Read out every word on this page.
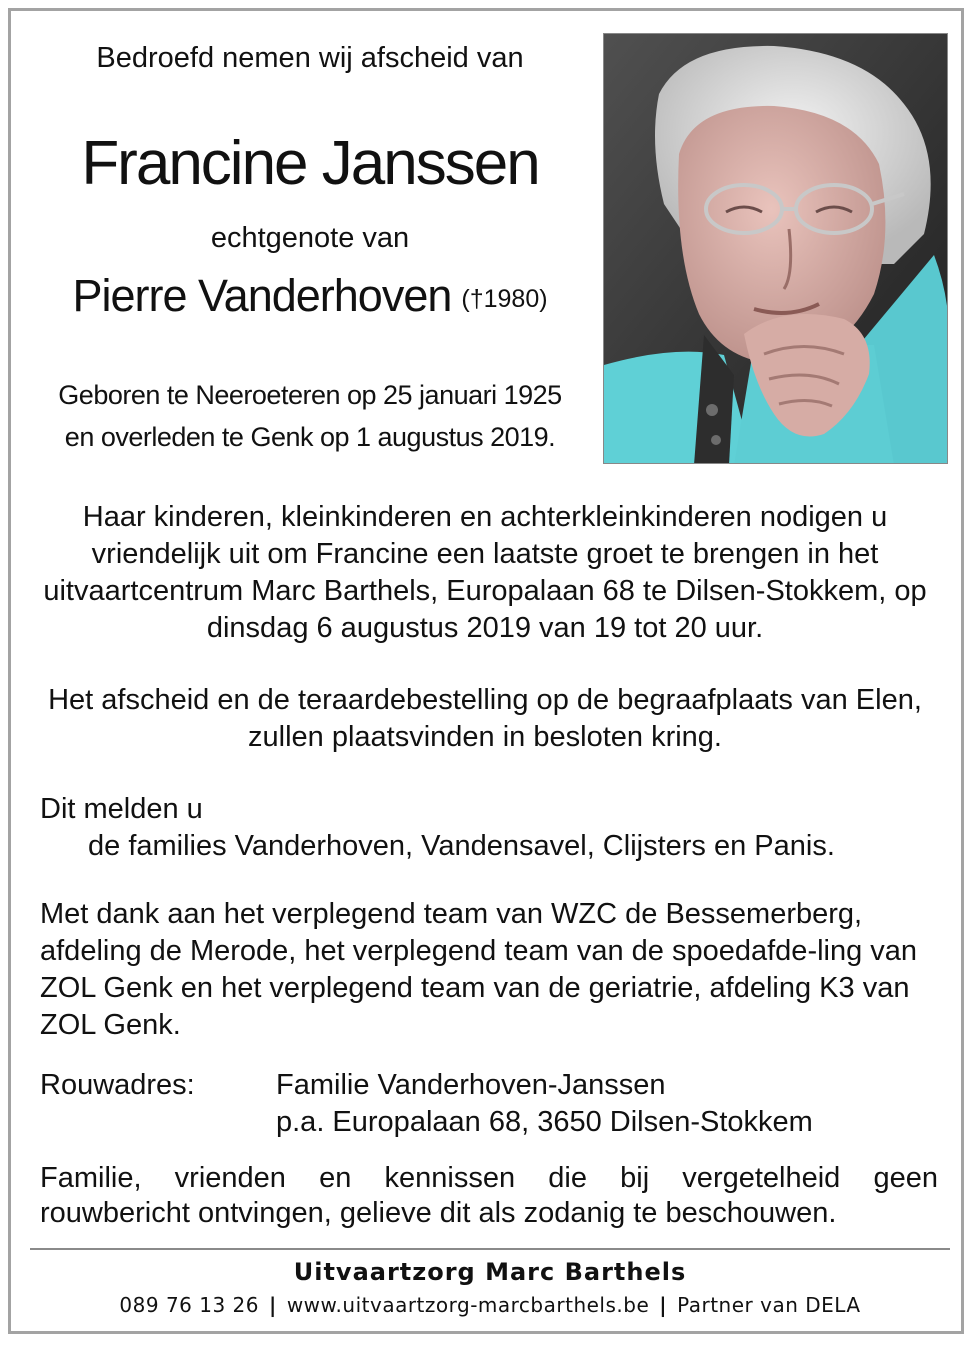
Bedroefd nemen wij afscheid van

Francine Janssen

echtgenote van

Pierre Vanderhoven (†1980)

Geboren te Neeroeteren op 25 januari 1925

en overleden te Genk op 1 augustus 2019.

Haar kinderen, kleinkinderen en achterkleinkinderen nodigen u vriendelijk uit om Francine een laatste groet te brengen in het uitvaartcentrum Marc Barthels, Europalaan 68 te Dilsen-Stokkem, op dinsdag 6 augustus 2019 van 19 tot 20 uur.

Het afscheid en de teraardebestelling op de begraafplaats van Elen, zullen plaatsvinden in besloten kring.

Dit melden u

de families Vanderhoven, Vandensavel, Clijsters en Panis.

Met dank aan het verplegend team van WZC de Bessemerberg, afdeling de Merode, het verplegend team van de spoedafde-ling van ZOL Genk en het verplegend team van de geriatrie, afdeling K3 van ZOL Genk.

Rouwadres:	Familie Vanderhoven-Janssen

p.a. Europalaan 68, 3650 Dilsen-Stokkem

Familie, vrienden en kennissen die bij vergetelheid geen

rouwbericht ontvingen, gelieve dit als zodanig te beschouwen.

Uitvaartzorg Marc Barthels

089 76 13 26 | www.uitvaartzorg-marcbarthels.be | Partner van DELA
